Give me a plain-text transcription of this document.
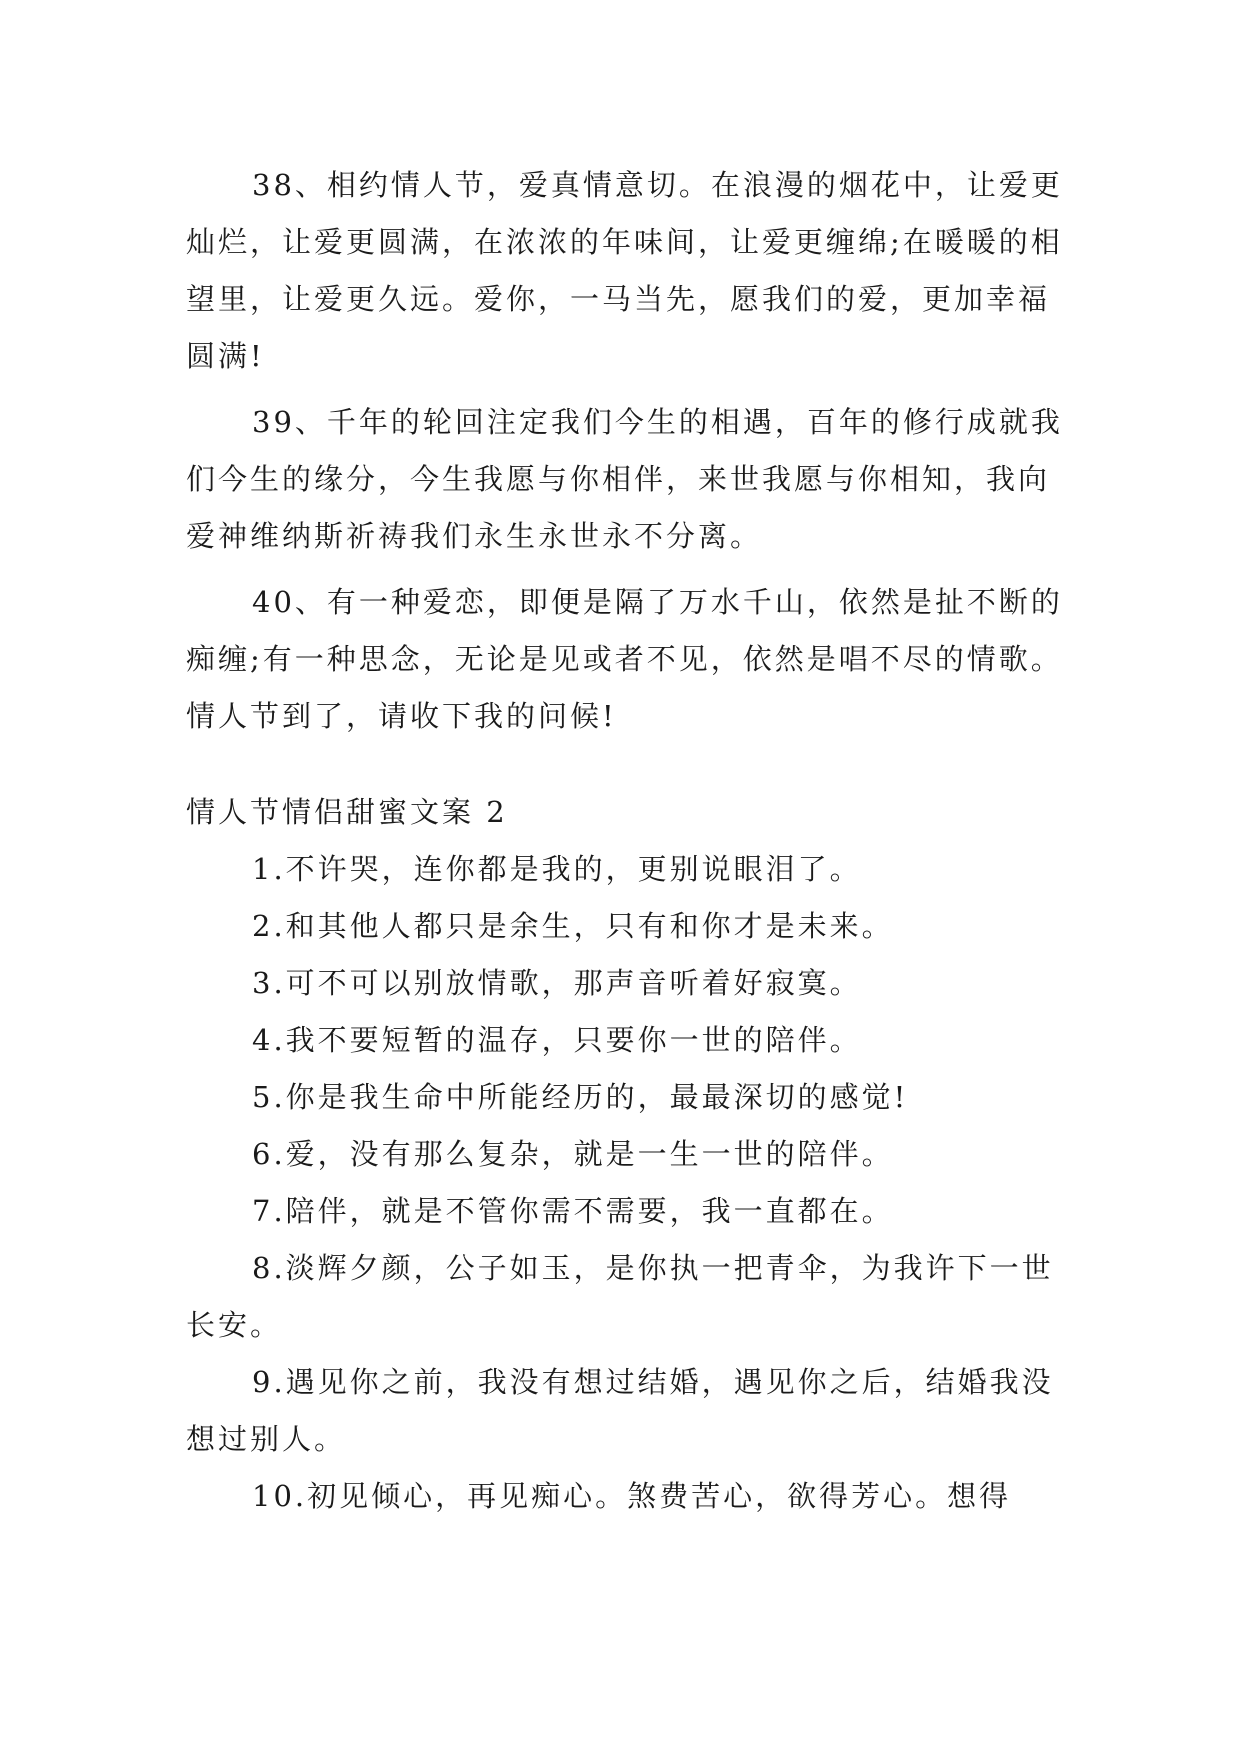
38、相约情人节，爱真情意切。在浪漫的烟花中，让爱更灿烂，让爱更圆满，在浓浓的年味间，让爱更缠绵;在暖暖的相望里，让爱更久远。爱你，一马当先，愿我们的爱，更加幸福圆满!

39、千年的轮回注定我们今生的相遇，百年的修行成就我们今生的缘分，今生我愿与你相伴，来世我愿与你相知，我向爱神维纳斯祈祷我们永生永世永不分离。

40、有一种爱恋，即便是隔了万水千山，依然是扯不断的痴缠;有一种思念，无论是见或者不见，依然是唱不尽的情歌。情人节到了，请收下我的问候!

情人节情侣甜蜜文案 2

1.不许哭，连你都是我的，更别说眼泪了。

2.和其他人都只是余生，只有和你才是未来。

3.可不可以别放情歌，那声音听着好寂寞。

4.我不要短暂的温存，只要你一世的陪伴。

5.你是我生命中所能经历的，最最深切的感觉!

6.爱，没有那么复杂，就是一生一世的陪伴。

7.陪伴，就是不管你需不需要，我一直都在。

8.淡辉夕颜，公子如玉，是你执一把青伞，为我许下一世长安。

9.遇见你之前，我没有想过结婚，遇见你之后，结婚我没想过别人。

10.初见倾心，再见痴心。煞费苦心，欲得芳心。想得
